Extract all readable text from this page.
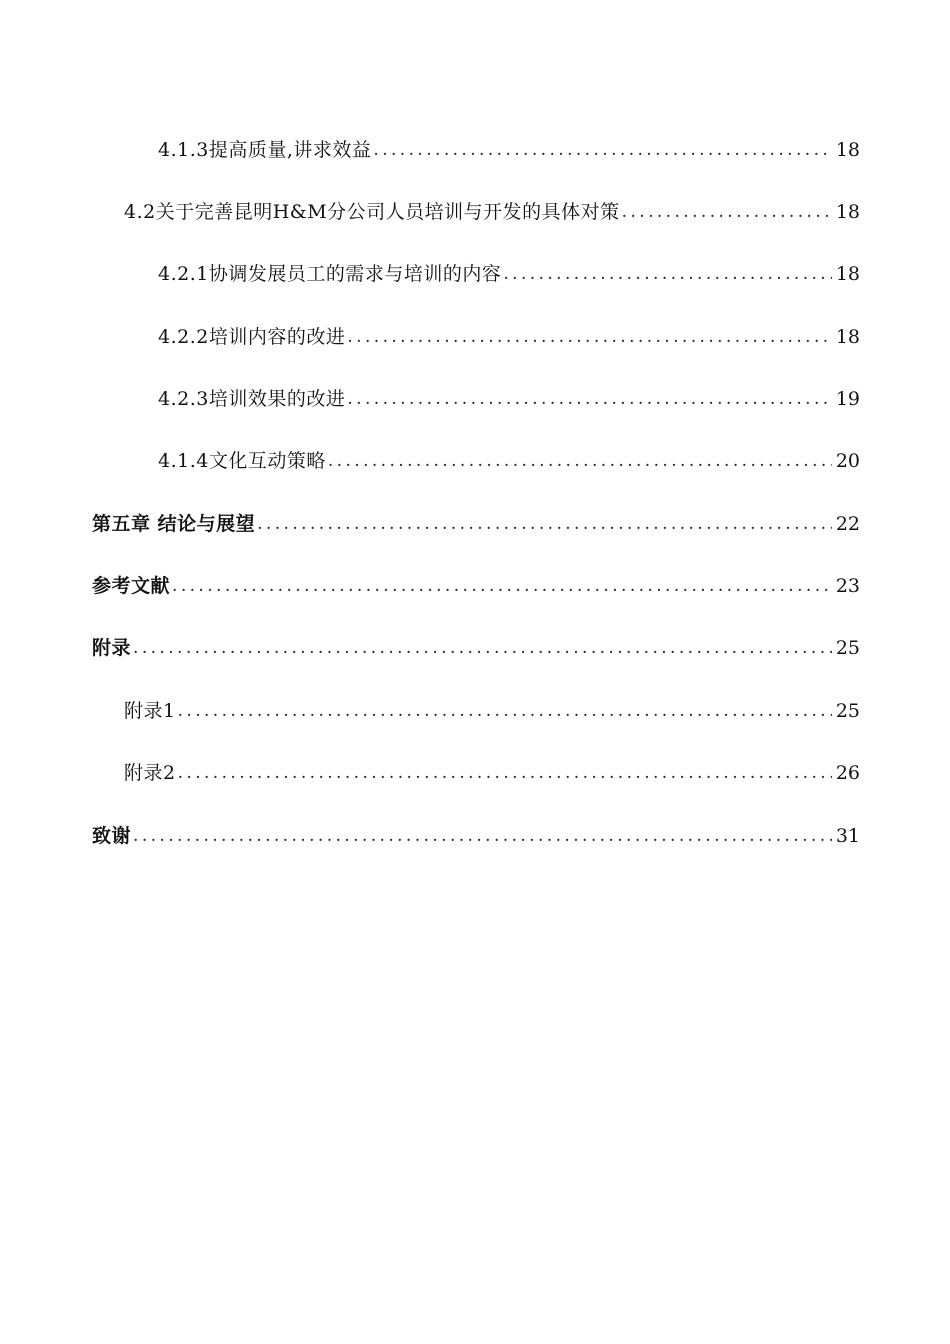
4.1.3提高质量,讲求效益 .....	18
4.2关于完善昆明H&M分公司人员培训与开发的具体对策 .....	18
4.2.1协调发展员工的需求与培训的内容 .....	18
4.2.2培训内容的改进 .....	18
4.2.3培训效果的改进 .....	19
4.1.4文化互动策略 .....	20
第五章 结论与展望 .....	22
参考文献 .....	23
附录 .....	25
附录1 .....	25
附录2 .....	26
致谢 .....	31
